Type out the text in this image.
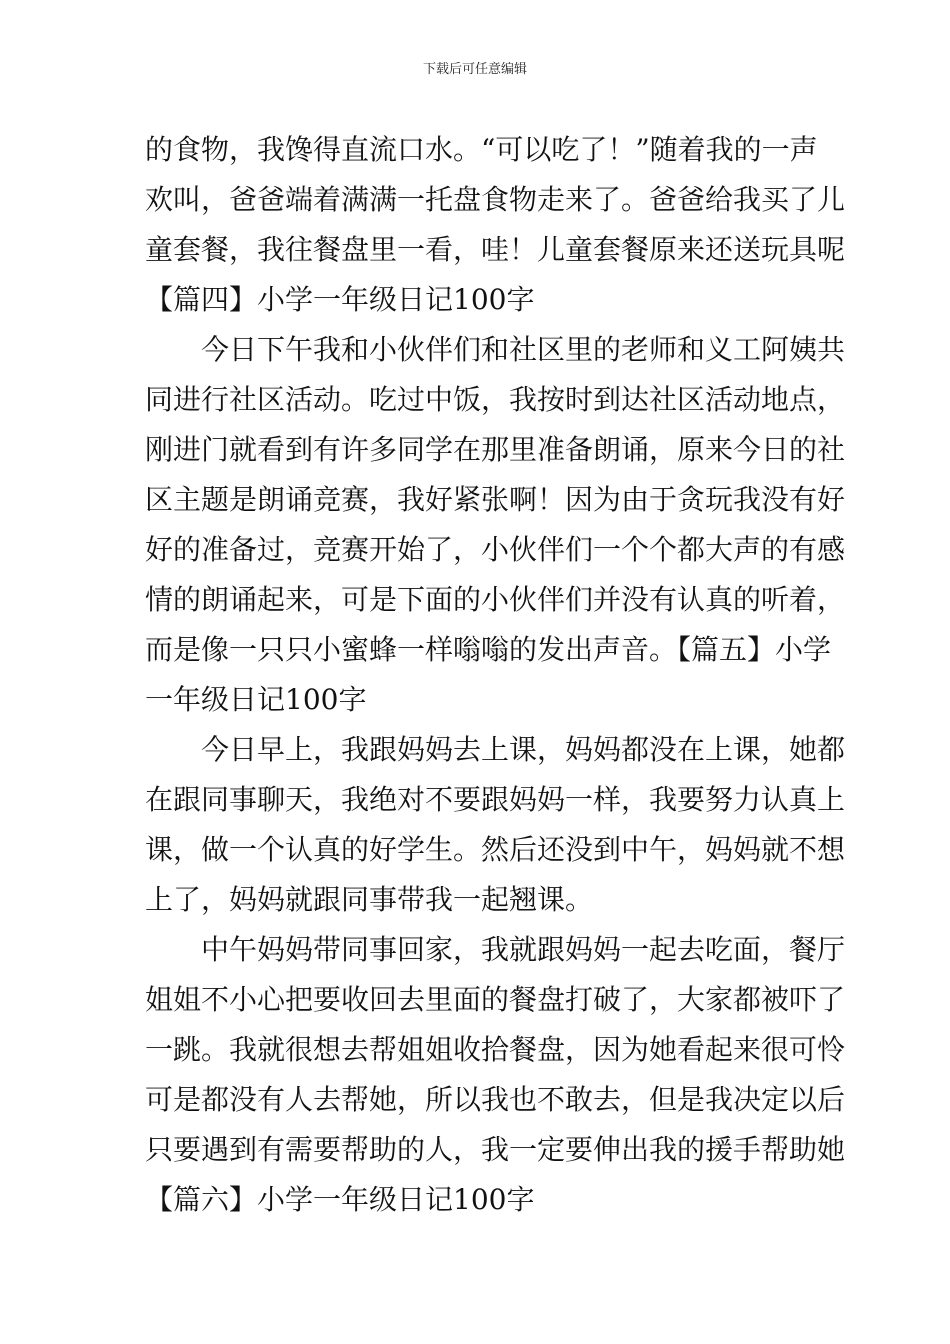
下载后可任意编辑
的食物，我馋得直流口水。“可以吃了！”随着我的一声
欢叫，爸爸端着满满一托盘食物走来了。爸爸给我买了儿
童套餐，我往餐盘里一看，哇！儿童套餐原来还送玩具呢
【篇四】小学一年级日记100字
今日下午我和小伙伴们和社区里的老师和义工阿姨共
同进行社区活动。吃过中饭，我按时到达社区活动地点，
刚进门就看到有许多同学在那里准备朗诵，原来今日的社
区主题是朗诵竞赛，我好紧张啊！因为由于贪玩我没有好
好的准备过，竞赛开始了，小伙伴们一个个都大声的有感
情的朗诵起来，可是下面的小伙伴们并没有认真的听着，
而是像一只只小蜜蜂一样嗡嗡的发出声音。【篇五】小学
一年级日记100字
今日早上，我跟妈妈去上课，妈妈都没在上课，她都
在跟同事聊天，我绝对不要跟妈妈一样，我要努力认真上
课，做一个认真的好学生。然后还没到中午，妈妈就不想
上了，妈妈就跟同事带我一起翘课。
中午妈妈带同事回家，我就跟妈妈一起去吃面，餐厅
姐姐不小心把要收回去里面的餐盘打破了，大家都被吓了
一跳。我就很想去帮姐姐收拾餐盘，因为她看起来很可怜
可是都没有人去帮她，所以我也不敢去，但是我决定以后
只要遇到有需要帮助的人，我一定要伸出我的援手帮助她
【篇六】小学一年级日记100字
